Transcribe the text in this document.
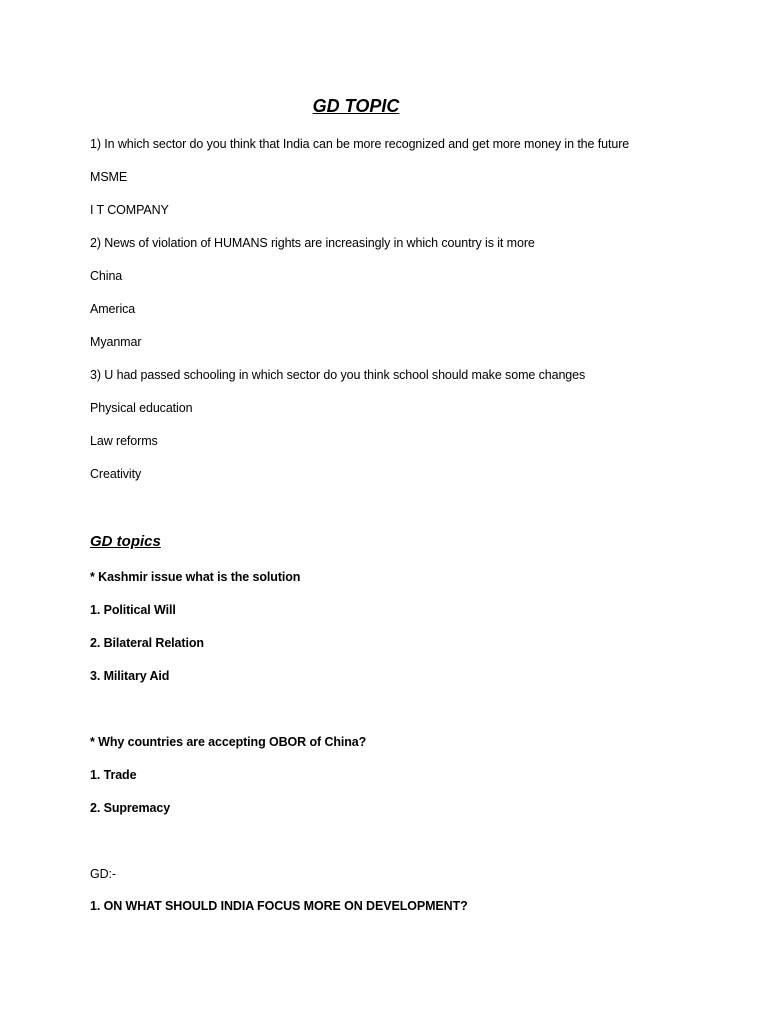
GD TOPIC
1) In which sector do you think that India can be more recognized and get more money in the future
MSME
I T COMPANY
2) News of violation of HUMANS rights are increasingly in which country is it more
China
America
Myanmar
3) U had passed schooling in which sector do you think school should make some changes
Physical education
Law reforms
Creativity
GD topics
* Kashmir issue what is the solution
1. Political Will
2. Bilateral Relation
3. Military Aid
* Why countries are accepting OBOR of China?
1. Trade
2. Supremacy
GD:-
1. ON WHAT SHOULD INDIA FOCUS MORE ON DEVELOPMENT?
